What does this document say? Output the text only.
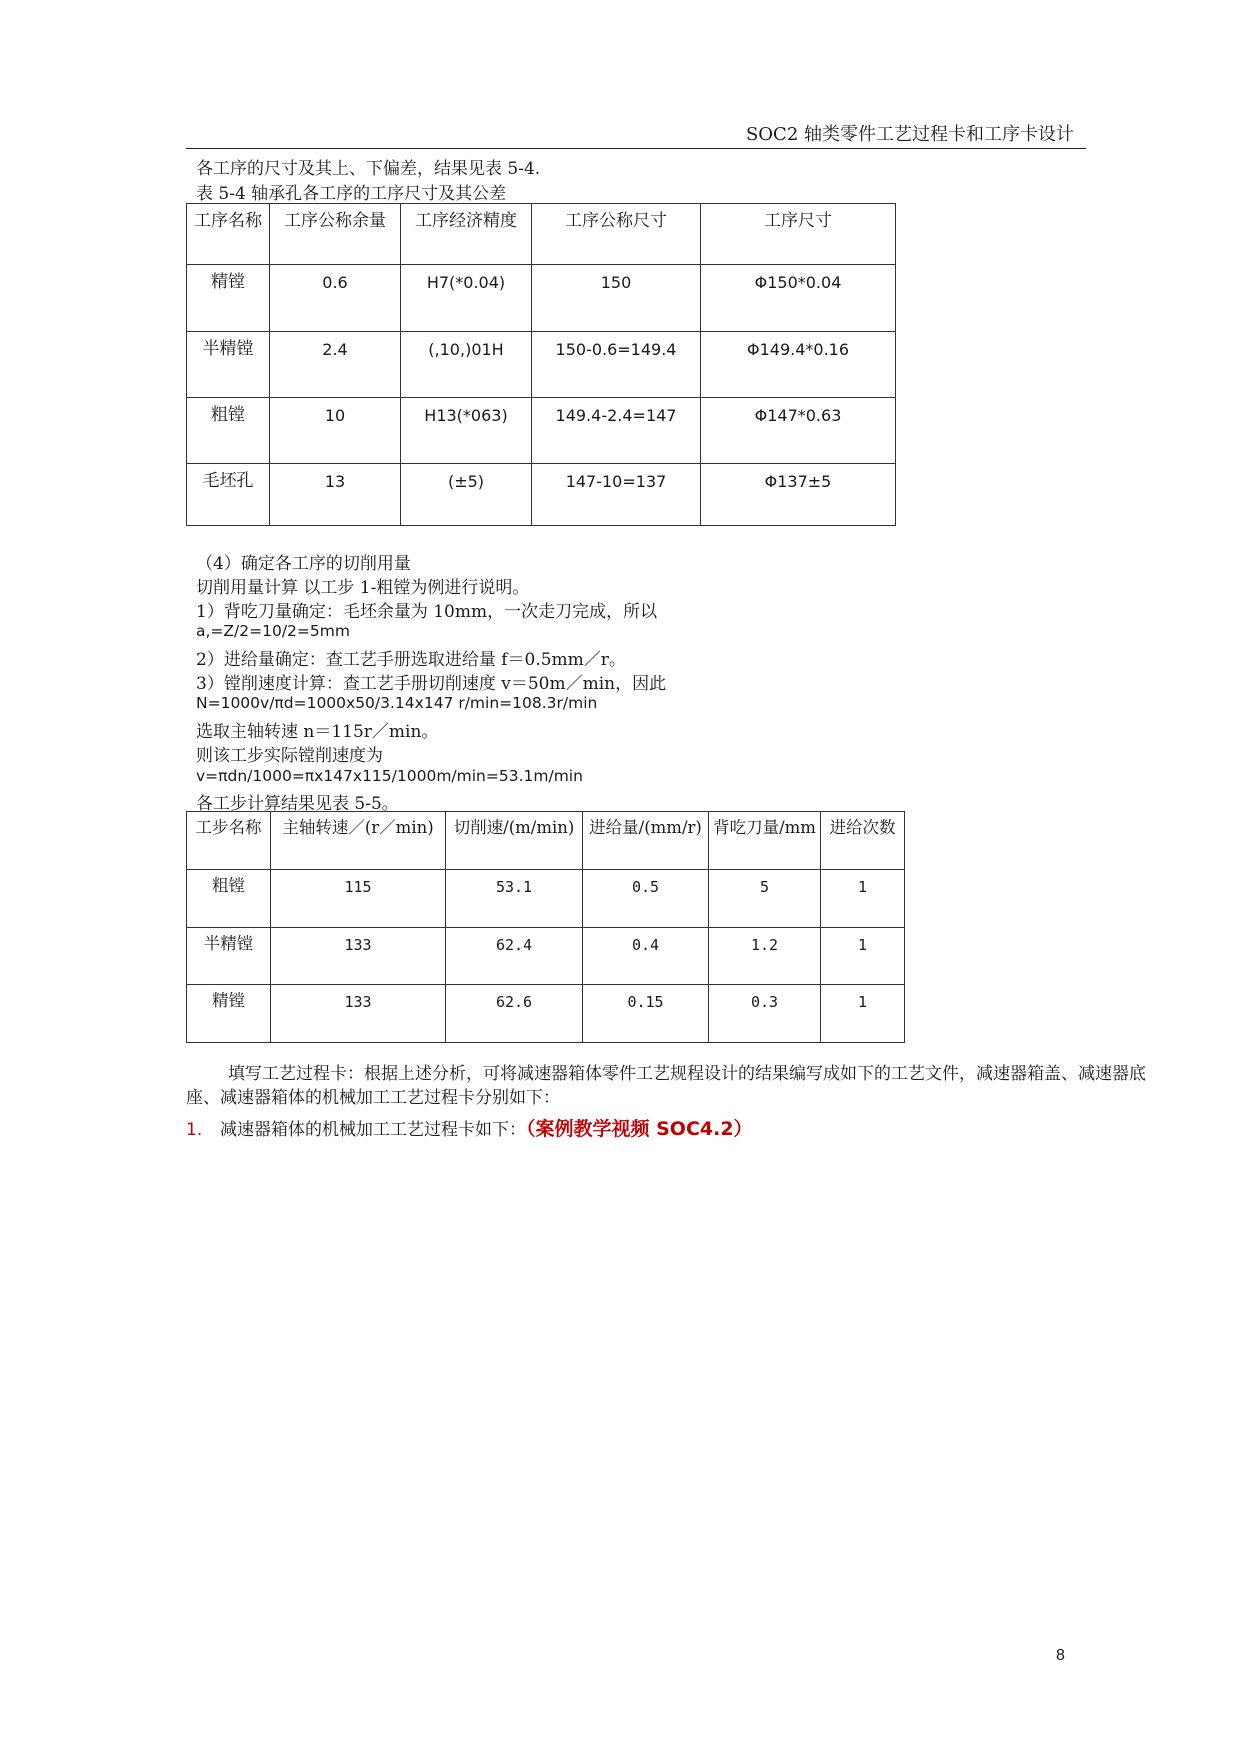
SOC2 轴类零件工艺过程卡和工序卡设计
各工序的尺寸及其上、下偏差，结果见表 5-4.
表 5-4 轴承孔各工序的工序尺寸及其公差
工序名称	工序公称余量	工序经济精度	工序公称尺寸	工序尺寸
精镗	0.6	H7(*0.04)	150	Φ150*0.04
半精镗	2.4	(,10,)01H	150-0.6=149.4	Φ149.4*0.16
粗镗	10	H13(*063)	149.4-2.4=147	Φ147*0.63
毛坯孔	13	(±5)	147-10=137	Φ137±5
（4）确定各工序的切削用量
切削用量计算 以工步 1-粗镗为例进行说明。
1）背吃刀量确定：毛坯余量为 10mm，一次走刀完成，所以
a,=Z/2=10/2=5mm
2）进给量确定：查工艺手册选取进给量 f＝0.5mm／r。
3）镗削速度计算：查工艺手册切削速度 v＝50m／min，因此
N=1000v/πd=1000x50/3.14x147 r/min=108.3r/min
选取主轴转速 n＝115r／min。
则该工步实际镗削速度为
v=πdn/1000=πx147x115/1000m/min=53.1m/min
各工步计算结果见表 5-5。
工步名称	主轴转速／(r／min)	切削速/(m/min)	进给量/(mm/r)	背吃刀量/mm	进给次数
粗镗	115	53.1	0.5	5	1
半精镗	133	62.4	0.4	1.2	1
精镗	133	62.6	0.15	0.3	1
填写工艺过程卡：根据上述分析，可将减速器箱体零件工艺规程设计的结果编写成如下的工艺文件，减速器箱盖、减速器底座、减速器箱体的机械加工工艺过程卡分别如下：
1. 减速器箱体的机械加工工艺过程卡如下：（案例教学视频 SOC4.2）
8
